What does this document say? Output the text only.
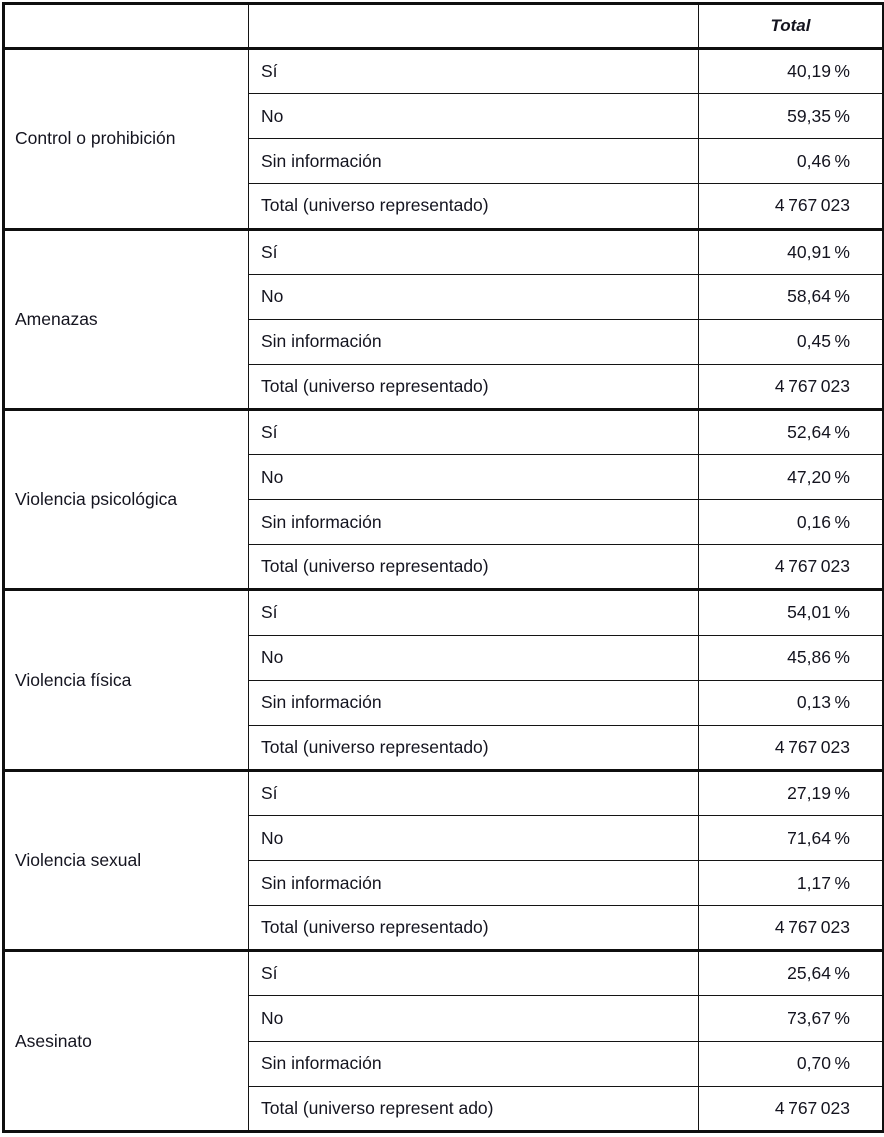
		Total
Control o prohibición	Sí	40,19 %
	No	59,35 %
	Sin información	0,46 %
	Total (universo representado)	4 767 023
Amenazas	Sí	40,91 %
	No	58,64 %
	Sin información	0,45 %
	Total (universo representado)	4 767 023
Violencia psicológica	Sí	52,64 %
	No	47,20 %
	Sin información	0,16 %
	Total (universo representado)	4 767 023
Violencia física	Sí	54,01 %
	No	45,86 %
	Sin información	0,13 %
	Total (universo representado)	4 767 023
Violencia sexual	Sí	27,19 %
	No	71,64 %
	Sin información	1,17 %
	Total (universo representado)	4 767 023
Asesinato	Sí	25,64 %
	No	73,67 %
	Sin información	0,70 %
	Total (universo represent ado)	4 767 023
